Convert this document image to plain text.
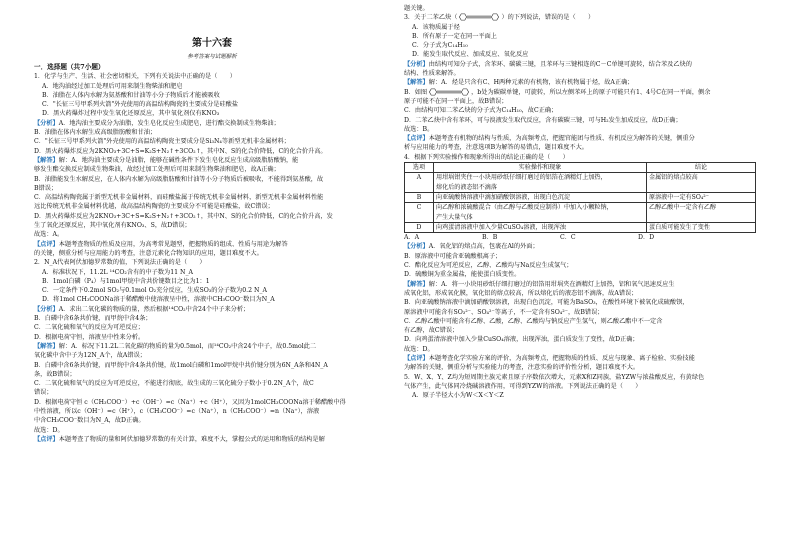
第十六套
参考答案与试题解析
一．选择题（共7小题）
1．化学与生产、生活、社会密切相关，下列有关说法中正确的是（　　）
A．地沟油经过加工处理后可用来制生物柴油和肥皂
B．油脂在人体内水解为氨基酸和甘油等小分子物质后才能被吸收
C．"长征三号甲系列火箭"外壳使用的高温结构陶瓷的主要成分是硅酸盐
D．黑火药爆炸过程中发生氧化还原反应，其中氧化剂仅有KNO₃
【分析】A．地沟油主要成分为油脂，发生皂化反应生成肥皂，进行酯交换制成生物柴油；
B．油脂在体内水解生成高级脂肪酸和甘油；
C．"长征三号甲系列火箭"外壳使用的高温结构陶瓷主要成分是Si₃N₄等新型无机非金属材料；
D．黑火药爆炸反应为2KNO₃+3C+S=K₂S+N₂↑+3CO₂↑，其中N、S的化合价降低，C的化合价升高。
【解答】解：A．地沟油主要成分是油脂，能够在碱性条件下发生皂化反应生成高级脂肪酸钠，能
够发生酯交换反应制成生物柴油，故经过加工处理后可用来制生物柴油和肥皂，故A正确；
B．油脂能发生水解反应，在人体内水解为高级脂肪酸和甘油等小分子物质后被吸收，不能得到氨基酸，故
B错误；
C．高温结构陶瓷属于新型无机非金属材料，而硅酸盐属于传统无机非金属材料，新型无机非金属材料性能
远比传统无机非金属材料优越，故高温结构陶瓷的主要成分不可能是硅酸盐，故C错误；
D．黑火药爆炸反应为2KNO₃+3C+S=K₂S+N₂↑+3CO₂↑，其中N、S的化合价降低，C的化合价升高，发
生了氧化还原反应，其中氧化剂有KNO₃、S，故D错误；
故选：A。
【点评】本题考查物质的性质及应用，为高考常见题型，把握物质的组成、性质与用途为解答
的关键，侧重分析与应用能力的考查，注意元素化合物知识的应用，题目难度不大。
2．N_A代表阿伏加德罗常数的值，下列说法正确的是（　　）
A．标准状况下，11.2L ¹⁴CO₂含有的中子数为11 N_A
B．1mol白磷（P₄）与1mol甲烷中含共价键数目之比为1：1
C．一定条件下0.2mol SO₂与0.1mol O₂充分反应，生成SO₃的分子数为0.2 N_A
D．将1mol CH₃COONa溶于稀醋酸中使溶液呈中性，溶液中CH₃COO⁻数目为N_A
【分析】A．求出二氧化碳的物质的量，然后根据¹⁴CO₂中含24个中子来分析；
B．白磷中含6条共价键，而甲烷中含4条；
C．二氧化硫和氧气的反应为可逆反应；
D．根据电荷守恒，溶液呈中性来分析。
【解答】解：A．标况下11.2L二氧化碳的物质的量为0.5mol，而¹⁴CO₂中含24个中子，故0.5mol此二
氧化碳中含中子为12N_A个，故A错误；
B．白磷中含6条共价键，而甲烷中含4条共价键，故1mol白磷和1mol甲烷中共价键分别为6N_A条和4N_A
条，故B错误；
C．二氧化硫和氧气的反应为可逆反应，不能进行彻底，故生成的三氧化硫分子数小于0.2N_A个，故C
错误；
D．根据电荷守恒 c（CH₃COO⁻）+c（OH⁻）=c（Na⁺）+c（H⁺），又因为1molCH₃COONa溶于稀醋酸中得
中性溶液，所以c（OH⁻）=c（H⁺），c（CH₃COO⁻）=c（Na⁺），n（CH₃COO⁻）=n（Na⁺），溶液
中含CH₃COO⁻数目为N_A，故D正确。
故选：D。
【点评】本题考查了物质的量和阿伏加德罗常数的有关计算，难度不大，掌握公式的运用和物质的结构是解
题关键。
3．关于二苯乙炔（	）的下列说法，错误的是（　　）
A．该物质属于烃
B．所有原子一定在同一平面上
C．分子式为C₁₄H₁₀
D．能发生取代反应、加成反应、氧化反应
【分析】由结构可知分子式，含苯环、碳碳三键，且苯环与三键相连的C－C单键可旋转，结合苯及乙炔的
结构、性质来解答。
【解答】解：A．烃是只含有C、H两种元素的有机物，该有机物属于烃，故A正确；
B．如图	，b处为碳碳单键，可旋转，所以左侧苯环上的原子可能只有1、4号C在同一平面，侧余
原子可能不在同一平面上，故B错误；
C．由结构可知二苯乙炔的分子式为C₁₄H₁₀，故C正确；
D．二苯乙炔中含有苯环，可与溴液发生取代反应，含有碳碳三键，可与H₂发生加成反应，故D正确；
故选：B。
【点评】本题考查有机物的结构与性质，为高频考点，把握官能团与性质、有机反应为解答的关键，侧重分
析与应用能力的考查，注意选项B为解答的易错点，题目难度不大。
4．根据下列实验操作和现象所得出的结论正确的是（　　）
选项	实验操作和现象	结论
A	用坩埚钳夹住一小块用砂纸仔细打磨过的铝箔在酒精灯上加热，
熔化后的液态铝不滴落	金属铝的熔点较高

B	向亚硫酸钠溶液中滴加硝酸钡溶液，出现白色沉淀	原溶液中一定有SO₄²⁻

C	向乙醇和浓硫酸混合（由乙醇与乙酸反应制得）中加入小颗粒钠，
产生大量气体	乙醇乙酸中一定含有乙醇

D	向鸡蛋清溶液中加入少量CuSO₄溶液，出现浑浊	蛋白质可能发生了变性
A．A	B．B	C．C	D．D
【分析】A．氧化铝的熔点高，包裹在Al的外面；
B．原溶液中可能含亚硫酸根离子；
C．酯化反应为可逆反应，乙醇、乙酸均与Na反应生成氢气；
D．硫酸铜为重金属盐，能使蛋白质变性。
【解答】解：A．将一小块用砂纸仔细打磨过的铝箔用坩埚夹在酒精灯上加热，铝和氧气迅速反应生
成氧化铝，形成氧化膜，氧化铝的熔点较高，所以熔化后的液态铝不滴落，故A错误；
B．向亚硫酸钠溶液中滴加硝酸钡溶液，出现白色沉淀，可能为BaSO₃，在酸性环境下被氧化成硫酸钡，
原溶液中可能含有SO₃²⁻、SO₄²⁻等离子，不一定含有SO₄²⁻，故B错误；
C．乙醇乙酸中可能含有乙醇、乙酸，乙醇、乙酸均与钠反应产生氢气，则乙酸乙酯中不一定含
有乙醇，故C错误；
D．向鸡蛋清溶液中加入少量CuSO₄溶液，出现浑浊，蛋白质发生了变性，故D正确；
故选：D。
【点评】本题考查化学实验方案的评价，为高频考点，把握物质的性质、反应与现象、离子检验、实验技能
为解答的关键，侧重分析与实验能力的考查，注意实验的评价性分析，题目难度不大。
5．W、X、Y、Z均为短周期主族元素且原子序数依次增大，元素X和Z同族，盐YZW与浓盐酸反应，有黄绿色
气体产生，此气体同冷烧碱溶液作用，可得到YZW的溶液。下列说法正确的是（　　）
A．原子半径大小为W＜X＜Y＜Z
